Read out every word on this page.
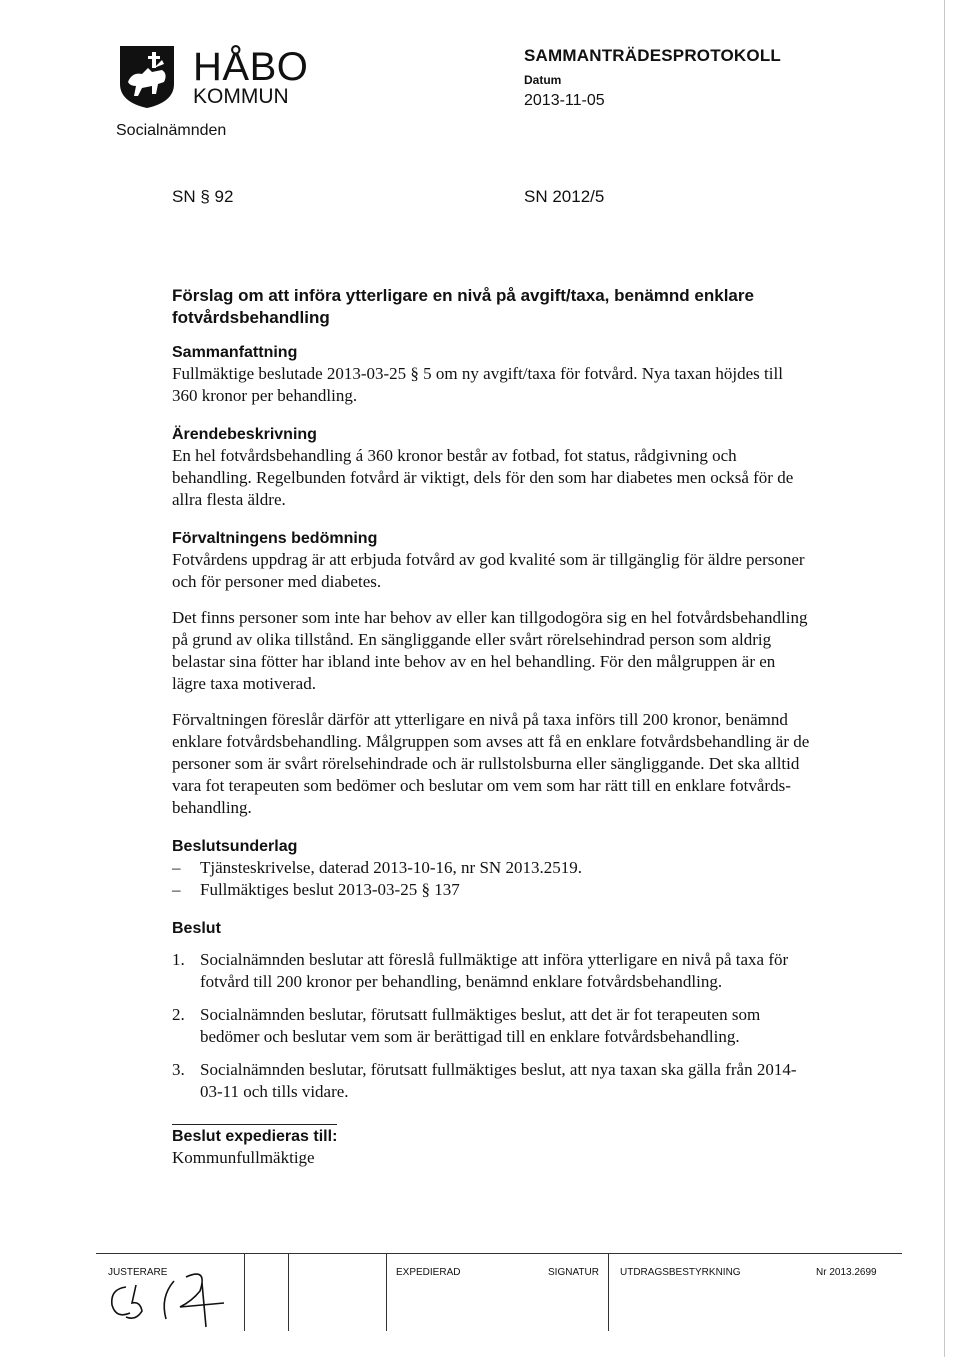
HÅBO
KOMMUN
Socialnämnden
SAMMANTRÄDESPROTOKOLL
Datum
2013-11-05
SN § 92	SN 2012/5

Förslag om att införa ytterligare en nivå på avgift/taxa, benämnd enklare fotvårdsbehandling

Sammanfattning

Fullmäktige beslutade 2013-03-25 § 5 om ny avgift/taxa för fotvård. Nya taxan höjdes till 360 kronor per behandling.

Ärendebeskrivning

En hel fotvårdsbehandling á 360 kronor består av fotbad, fot status, rådgivning och behandling. Regelbunden fotvård är viktigt, dels för den som har diabetes men också för de allra flesta äldre.

Förvaltningens bedömning

Fotvårdens uppdrag är att erbjuda fotvård av god kvalité som är tillgänglig för äldre personer och för personer med diabetes.

Det finns personer som inte har behov av eller kan tillgodogöra sig en hel fotvårdsbehandling på grund av olika tillstånd. En sängliggande eller svårt rörelsehindrad person som aldrig belastar sina fötter har ibland inte behov av en hel behandling. För den målgruppen är en lägre taxa motiverad.

Förvaltningen föreslår därför att ytterligare en nivå på taxa införs till 200 kronor, benämnd enklare fotvårdsbehandling. Målgruppen som avses att få en enklare fotvårdsbehandling är de personer som är svårt rörelsehindrade och är rullstolsburna eller sängliggande. Det ska alltid vara fot terapeuten som bedömer och beslutar om vem som har rätt till en enklare fotvårds-behandling.

Beslutsunderlag

– Tjänsteskrivelse, daterad 2013-10-16, nr SN 2013.2519.
– Fullmäktiges beslut 2013-03-25 § 137

Beslut

1. Socialnämnden beslutar att föreslå fullmäktige att införa ytterligare en nivå på taxa för fotvård till 200 kronor per behandling, benämnd enklare fotvårdsbehandling.
2. Socialnämnden beslutar, förutsatt fullmäktiges beslut, att det är fot terapeuten som bedömer och beslutar vem som är berättigad till en enklare fotvårdsbehandling.
3. Socialnämnden beslutar, förutsatt fullmäktiges beslut, att nya taxan ska gälla från 2014-03-11 och tills vidare.

Beslut expedieras till:

Kommunfullmäktige

JUSTERARE	EXPEDIERAD	SIGNATUR UTDRAGSBESTYRKNING	Nr 2013.2699
